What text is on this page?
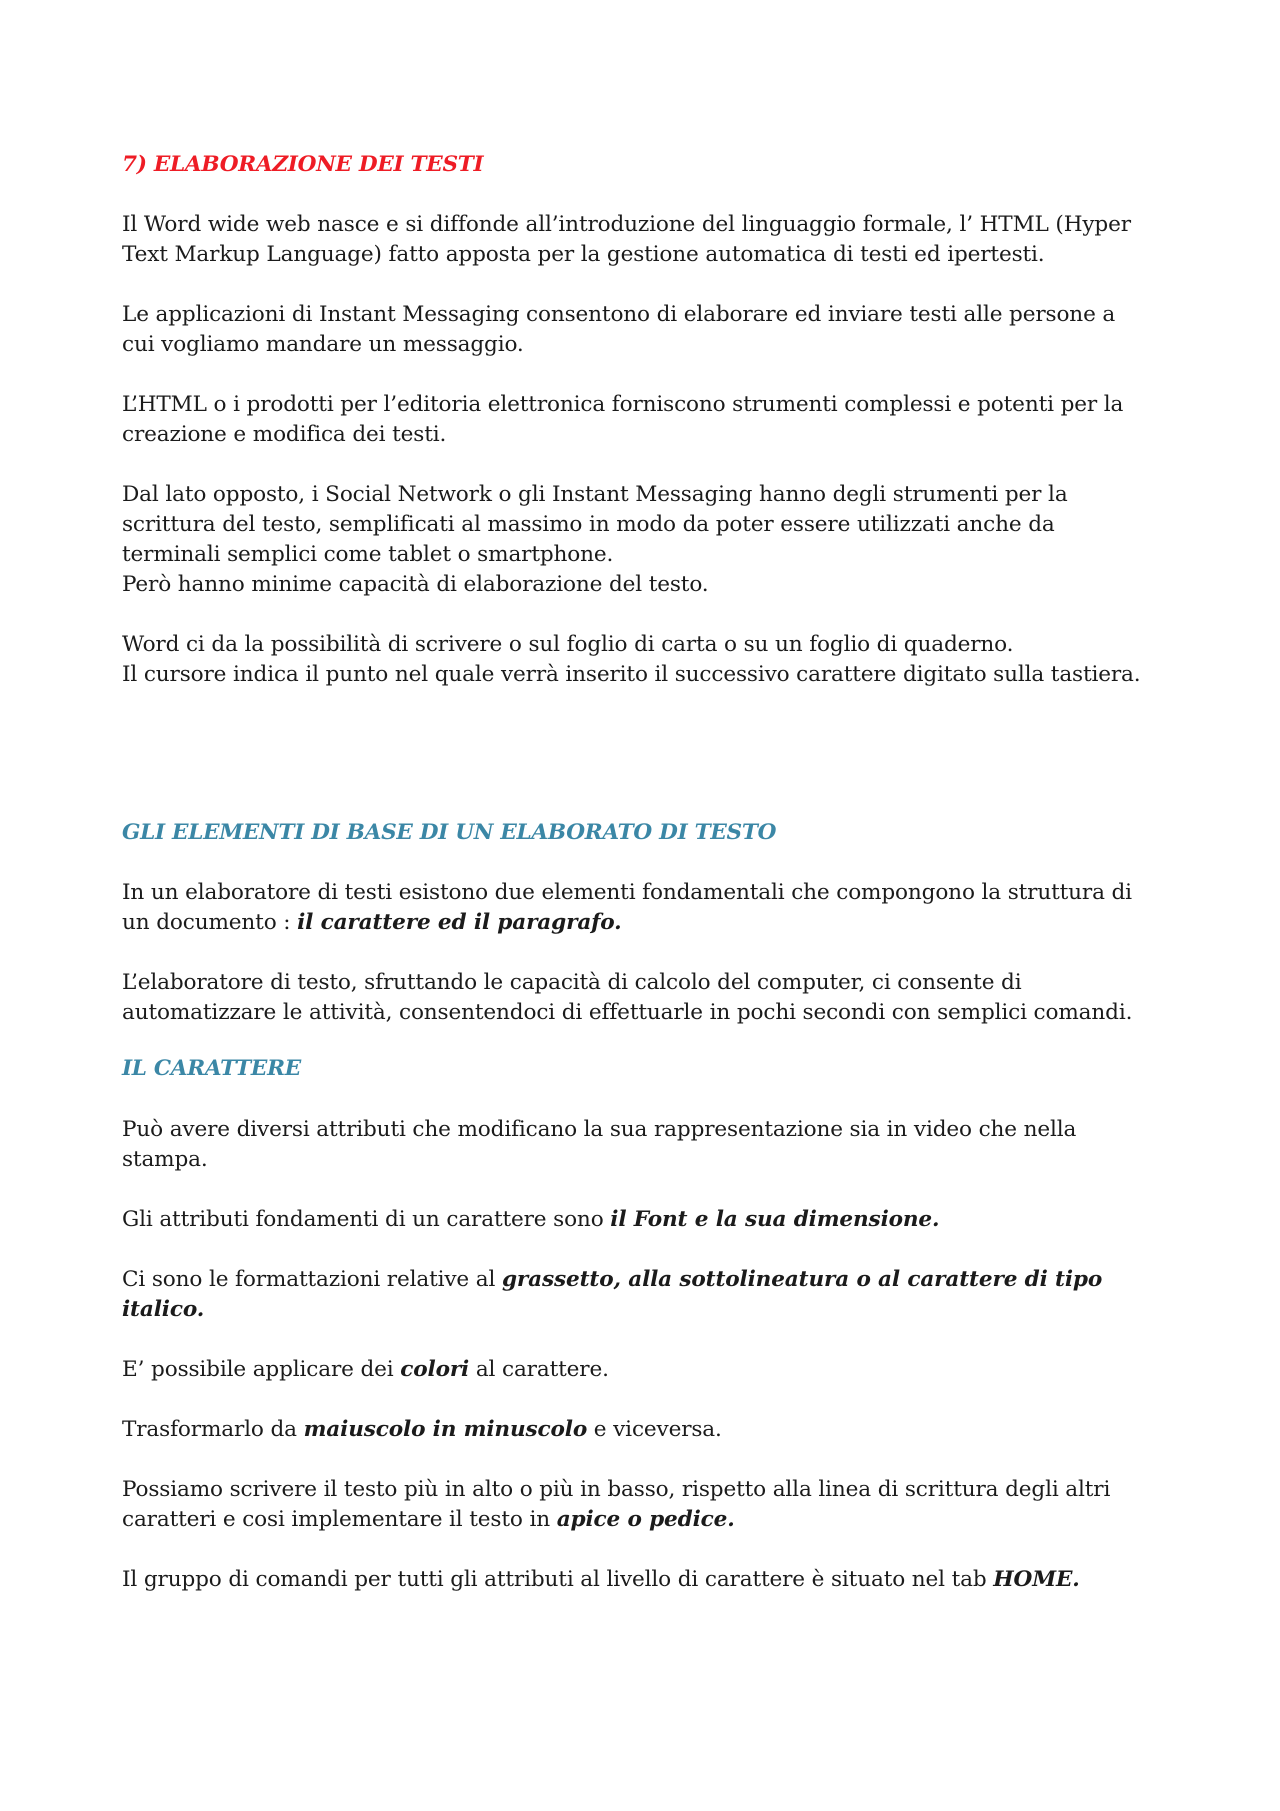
7) ELABORAZIONE DEI TESTI

Il Word wide web nasce e si diffonde all’introduzione del linguaggio formale, l’ HTML (Hyper
Text Markup Language) fatto apposta per la gestione automatica di testi ed ipertesti.

Le applicazioni di Instant Messaging consentono di elaborare ed inviare testi alle persone a
cui vogliamo mandare un messaggio.

L’HTML o i prodotti per l’editoria elettronica forniscono strumenti complessi e potenti per la
creazione e modifica dei testi.

Dal lato opposto, i Social Network o gli Instant Messaging hanno degli strumenti per la
scrittura del testo, semplificati al massimo in modo da poter essere utilizzati anche da
terminali semplici come tablet o smartphone.
Però hanno minime capacità di elaborazione del testo.

Word ci da la possibilità di scrivere o sul foglio di carta o su un foglio di quaderno.
Il cursore indica il punto nel quale verrà inserito il successivo carattere digitato sulla tastiera.

GLI ELEMENTI DI BASE DI UN ELABORATO DI TESTO

In un elaboratore di testi esistono due elementi fondamentali che compongono la struttura di
un documento : il carattere ed il paragrafo.

L’elaboratore di testo, sfruttando le capacità di calcolo del computer, ci consente di
automatizzare le attività, consentendoci di effettuarle in pochi secondi con semplici comandi.

IL CARATTERE

Può avere diversi attributi che modificano la sua rappresentazione sia in video che nella
stampa.

Gli attributi fondamenti di un carattere sono il Font e la sua dimensione.

Ci sono le formattazioni relative al grassetto, alla sottolineatura o al carattere di tipo
italico.

E’ possibile applicare dei colori al carattere.

Trasformarlo da maiuscolo in minuscolo e viceversa.

Possiamo scrivere il testo più in alto o più in basso, rispetto alla linea di scrittura degli altri
caratteri e cosi implementare il testo in apice o pedice.

Il gruppo di comandi per tutti gli attributi al livello di carattere è situato nel tab HOME.
